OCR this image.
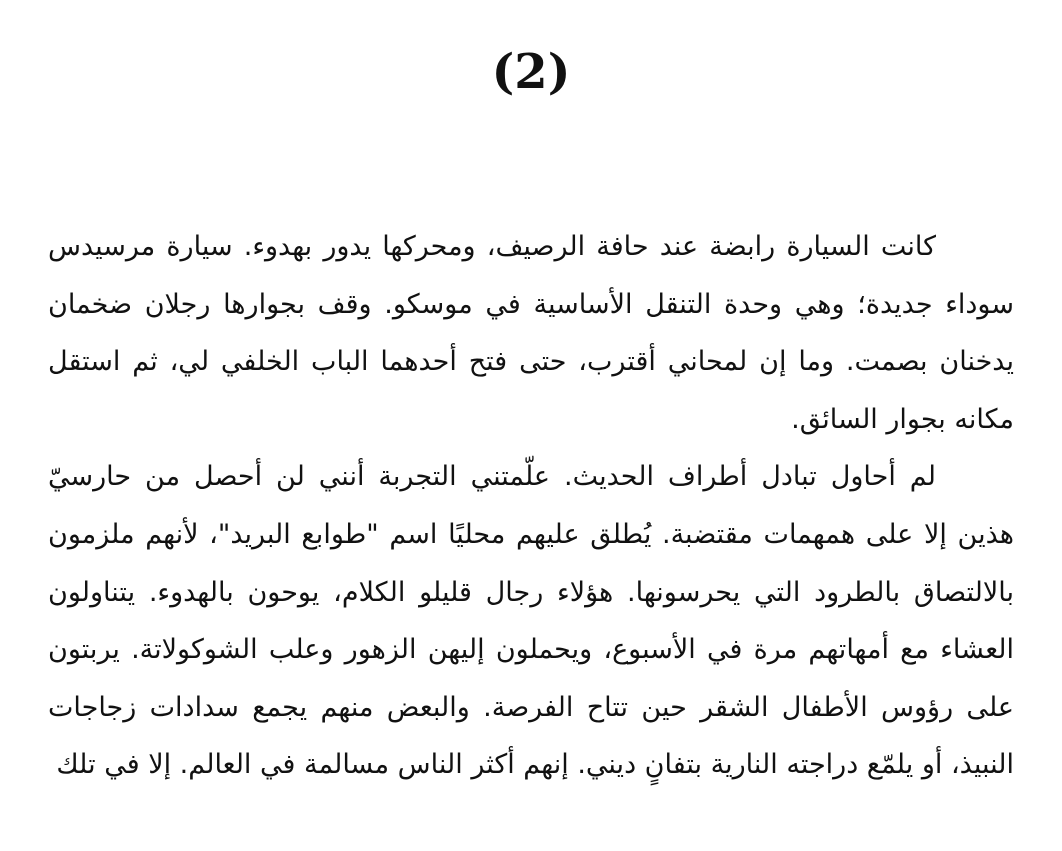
(2)

كانت السيارة رابضة عند حافة الرصيف، ومحركها يدور بهدوء. سيارة مرسيدس سوداء جديدة؛ وهي وحدة التنقل الأساسية في موسكو. وقف بجوارها رجلان ضخمان يدخنان بصمت. وما إن لمحاني أقترب، حتى فتح أحدهما الباب الخلفي لي، ثم استقل مكانه بجوار السائق.

لم أحاول تبادل أطراف الحديث. علّمتني التجربة أنني لن أحصل من حارسيّ هذين إلا على همهمات مقتضبة. يُطلق عليهم محليًا اسم "طوابع البريد"، لأنهم ملزمون بالالتصاق بالطرود التي يحرسونها. هؤلاء رجال قليلو الكلام، يوحون بالهدوء. يتناولون العشاء مع أمهاتهم مرة في الأسبوع، ويحملون إليهن الزهور وعلب الشوكولاتة. يربتون على رؤوس الأطفال الشقر حين تتاح الفرصة. والبعض منهم يجمع سدادات زجاجات النبيذ، أو يلمّع دراجته النارية بتفانٍ ديني. إنهم أكثر الناس مسالمة في العالم. إلا في تلك
